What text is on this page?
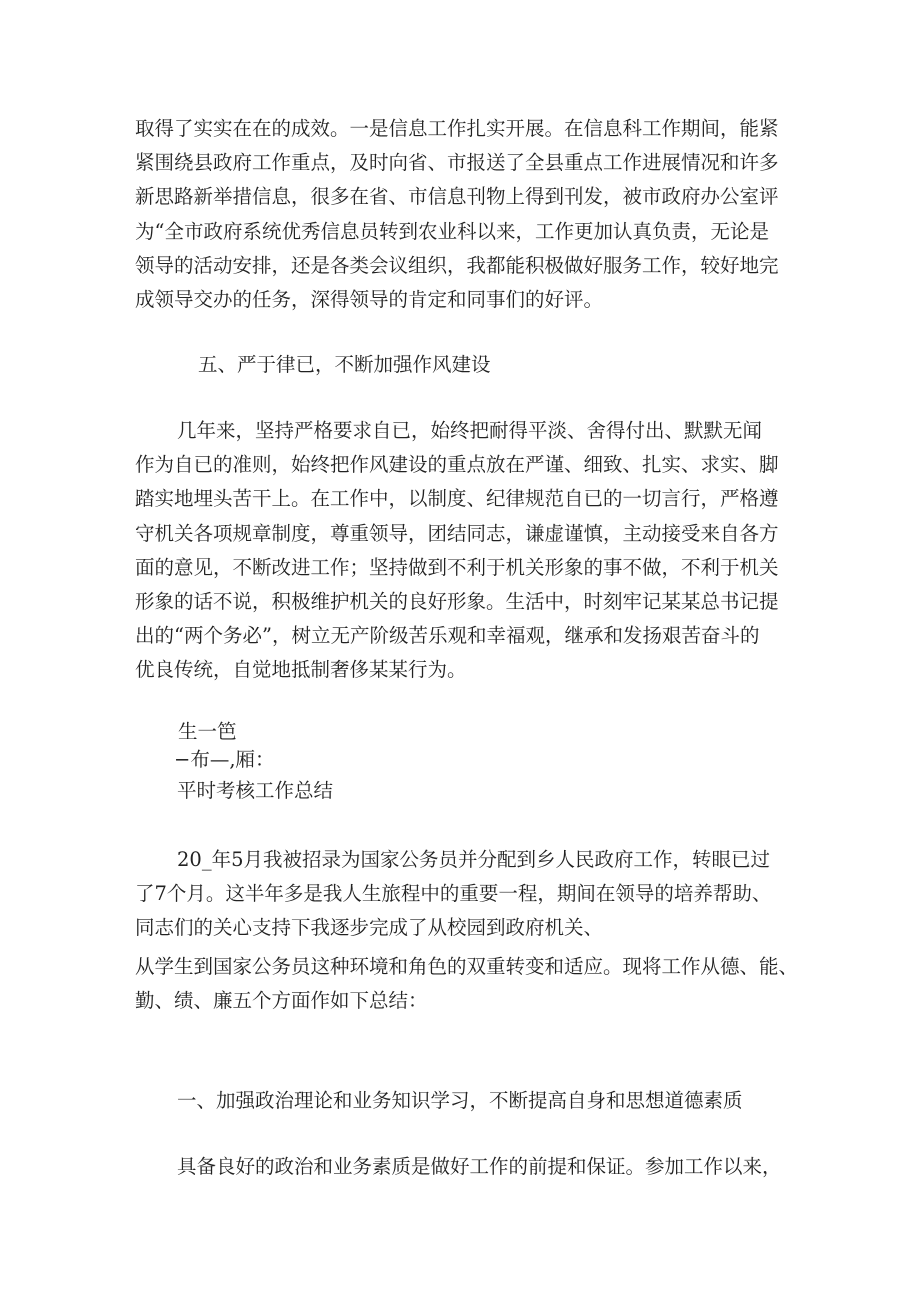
取得了实实在在的成效。一是信息工作扎实开展。在信息科工作期间，能紧
紧围绕县政府工作重点，及时向省、市报送了全县重点工作进展情况和许多
新思路新举措信息，很多在省、市信息刊物上得到刊发，被市政府办公室评
为“全市政府系统优秀信息员转到农业科以来，工作更加认真负责，无论是
领导的活动安排，还是各类会议组织，我都能积极做好服务工作，较好地完
成领导交办的任务，深得领导的肯定和同事们的好评。
五、严于律已，不断加强作风建设
几年来，坚持严格要求自已，始终把耐得平淡、舍得付出、默默无闻
作为自已的准则，始终把作风建设的重点放在严谨、细致、扎实、求实、脚
踏实地埋头苦干上。在工作中，以制度、纪律规范自已的一切言行，严格遵
守机关各项规章制度，尊重领导，团结同志，谦虚谨慎，主动接受来自各方
面的意见，不断改进工作；坚持做到不利于机关形象的事不做，不利于机关
形象的话不说，积极维护机关的良好形象。生活中，时刻牢记某某总书记提
出的“两个务必”，树立无产阶级苦乐观和幸福观，继承和发扬艰苦奋斗的
优良传统，自觉地抵制奢侈某某行为。
生一笆
−布—,厢：
平时考核工作总结
20_年5月我被招录为国家公务员并分配到乡人民政府工作，转眼已过
了7个月。这半年多是我人生旅程中的重要一程，期间在领导的培养帮助、
同志们的关心支持下我逐步完成了从校园到政府机关、
从学生到国家公务员这种环境和角色的双重转变和适应。现将工作从德、能、
勤、绩、廉五个方面作如下总结：
一、加强政治理论和业务知识学习，不断提高自身和思想道德素质
具备良好的政治和业务素质是做好工作的前提和保证。参加工作以来，
